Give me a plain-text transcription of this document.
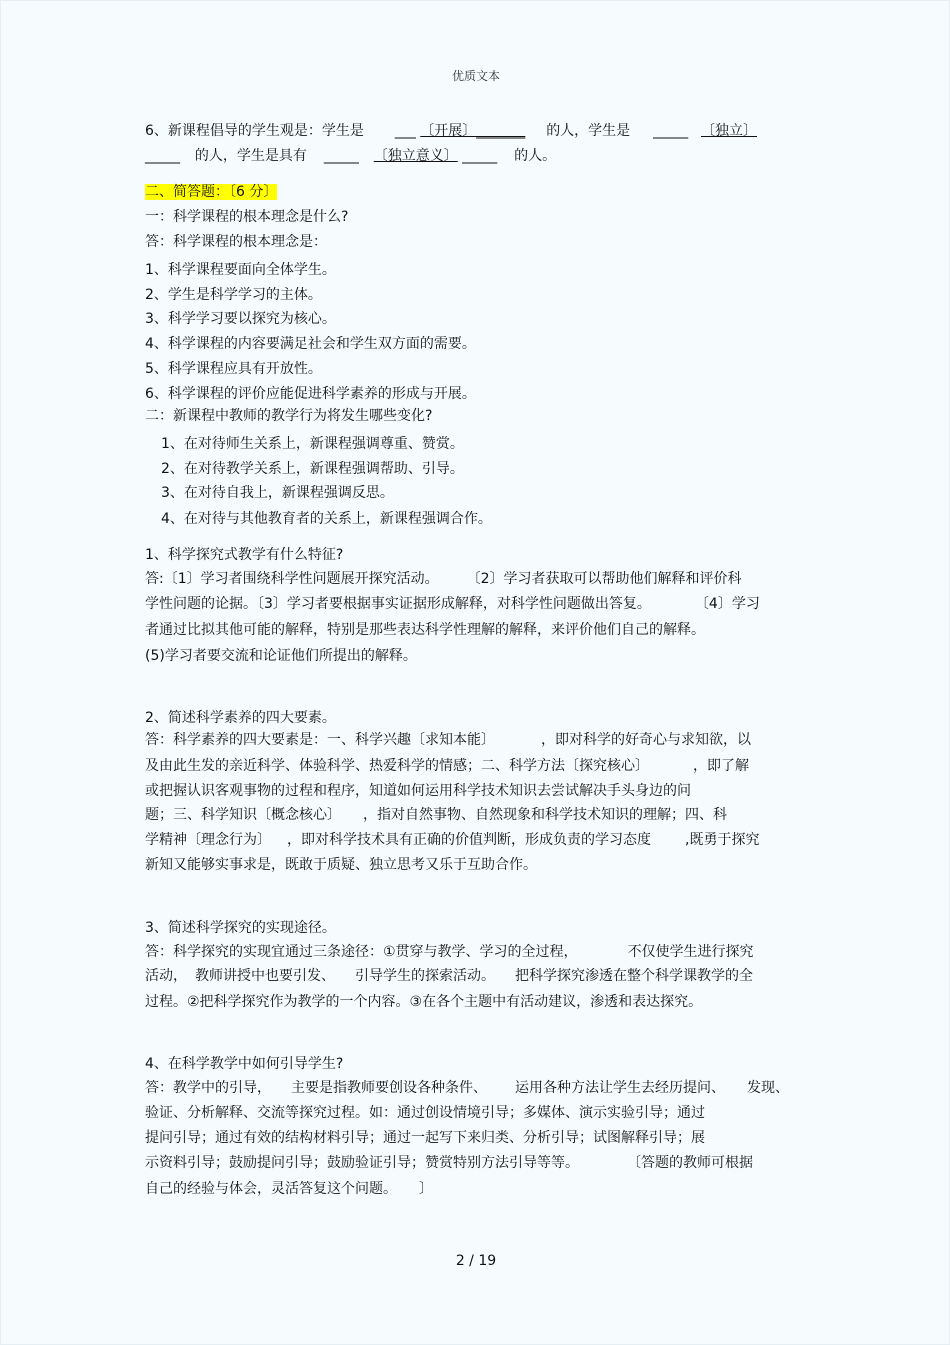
优质文本
6、新课程倡导的学生观是：学生是 ___ 〔开展〕_______ 的人，学生是 _____ 〔独立〕
_____ 的人，学生是具有 _____ 〔独立意义〕 _____ 的人。
二、简答题：〔6 分〕
一：科学课程的根本理念是什么?
答：科学课程的根本理念是：
1、科学课程要面向全体学生。
2、学生是科学学习的主体。
3、科学学习要以探究为核心。
4、科学课程的内容要满足社会和学生双方面的需要。
5、科学课程应具有开放性。
6、科学课程的评价应能促进科学素养的形成与开展。
二：新课程中教师的教学行为将发生哪些变化?
1、在对待师生关系上，新课程强调尊重、赞赏。
2、在对待教学关系上，新课程强调帮助、引导。
3、在对待自我上，新课程强调反思。
4、在对待与其他教育者的关系上，新课程强调合作。
1、科学探究式教学有什么特征?
答:〔1〕学习者围绕科学性问题展开探究活动。 〔2〕学习者获取可以帮助他们解释和评价科
学性问题的论据。〔3〕学习者要根据事实证据形成解释，对科学性问题做出答复。	〔4〕学习
者通过比拟其他可能的解释，特别是那些表达科学性理解的解释，来评价他们自己的解释。
(5)学习者要交流和论证他们所提出的解释。
2、简述科学素养的四大要素。
答：科学素养的四大要素是：一、科学兴趣〔求知本能〕	，即对科学的好奇心与求知欲，以
及由此生发的亲近科学、体验科学、热爱科学的情感；二、科学方法〔探究核心〕	，即了解
或把握认识客观事物的过程和程序，知道如何运用科学技术知识去尝试解决手头身边的问
题；三、科学知识〔概念核心〕 ，指对自然事物、自然现象和科学技术知识的理解；四、科
学精神〔理念行为〕 ，即对科学技术具有正确的价值判断，形成负责的学习态度 ,既勇于探究
新知又能够实事求是，既敢于质疑、独立思考又乐于互助合作。
3、简述科学探究的实现途径。
答：科学探究的实现宜通过三条途径：①贯穿与教学、学习的全过程，	不仅使学生进行探究
活动， 教师讲授中也要引发、 引导学生的探索活动。 把科学探究渗透在整个科学课教学的全
过程。②把科学探究作为教学的一个内容。③在各个主题中有活动建议，渗透和表达探究。
4、在科学教学中如何引导学生?
答：教学中的引导， 主要是指教师要创设各种条件、 运用各种方法让学生去经历提问、 发现、
验证、分析解释、交流等探究过程。如：通过创设情境引导；多媒体、演示实验引导；通过
提问引导；通过有效的结构材料引导；通过一起写下来归类、分析引导；试图解释引导；展
示资料引导；鼓励提问引导；鼓励验证引导；赞赏特别方法引导等等。	〔答题的教师可根据
自己的经验与体会，灵活答复这个问题。 〕
2 / 19
